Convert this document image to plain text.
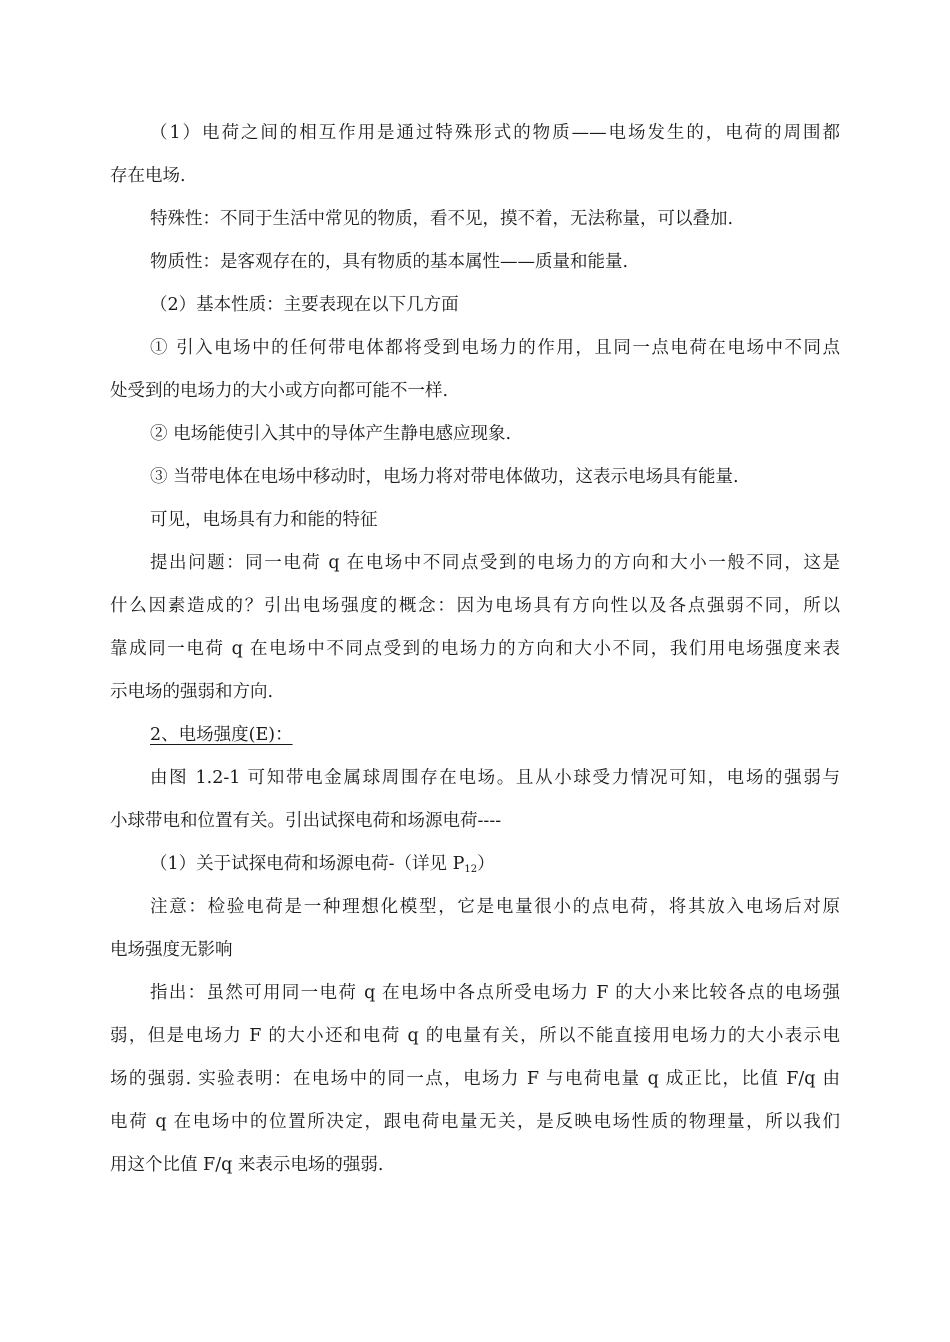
（1）电荷之间的相互作用是通过特殊形式的物质——电场发生的，电荷的周围都
存在电场.
特殊性：不同于生活中常见的物质，看不见，摸不着，无法称量，可以叠加.
物质性：是客观存在的，具有物质的基本属性——质量和能量.
（2）基本性质：主要表现在以下几方面
① 引入电场中的任何带电体都将受到电场力的作用，且同一点电荷在电场中不同点
处受到的电场力的大小或方向都可能不一样.
② 电场能使引入其中的导体产生静电感应现象.
③ 当带电体在电场中移动时，电场力将对带电体做功，这表示电场具有能量.
可见，电场具有力和能的特征
提出问题：同一电荷 q 在电场中不同点受到的电场力的方向和大小一般不同，这是
什么因素造成的？引出电场强度的概念：因为电场具有方向性以及各点强弱不同，所以
靠成同一电荷 q 在电场中不同点受到的电场力的方向和大小不同，我们用电场强度来表
示电场的强弱和方向.
2、电场强度(E)：
由图 1.2-1 可知带电金属球周围存在电场。且从小球受力情况可知，电场的强弱与
小球带电和位置有关。引出试探电荷和场源电荷----
（1）关于试探电荷和场源电荷-（详见 $P_{12}$）
注意：检验电荷是一种理想化模型，它是电量很小的点电荷，将其放入电场后对原
电场强度无影响
指出：虽然可用同一电荷 q 在电场中各点所受电场力 F 的大小来比较各点的电场强
弱，但是电场力 F 的大小还和电荷 q 的电量有关，所以不能直接用电场力的大小表示电
场的强弱. 实验表明：在电场中的同一点，电场力 F 与电荷电量 q 成正比，比值 F/q 由
电荷 q 在电场中的位置所决定，跟电荷电量无关，是反映电场性质的物理量，所以我们
用这个比值 F/q 来表示电场的强弱.
